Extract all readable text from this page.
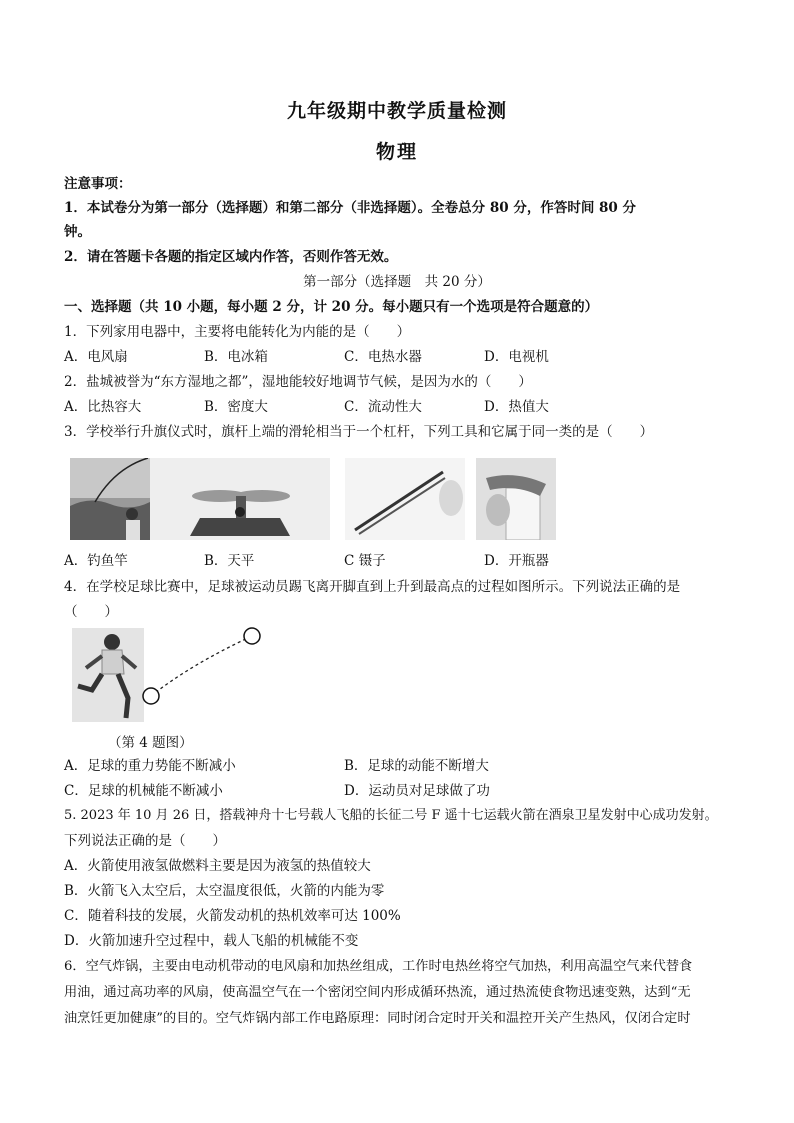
九年级期中教学质量检测
物理
注意事项：
1．本试卷分为第一部分（选择题）和第二部分（非选择题）。全卷总分 80 分，作答时间 80 分
钟。
2．请在答题卡各题的指定区域内作答，否则作答无效。
第一部分（选择题　共 20 分）
一、选择题（共 10 小题，每小题 2 分，计 20 分。每小题只有一个选项是符合题意的）
1．下列家用电器中，主要将电能转化为内能的是（　　）
A．电风扇	B．电冰箱	C．电热水器	D．电视机
2．盐城被誉为“东方湿地之都”，湿地能较好地调节气候，是因为水的（　　）
A．比热容大	B．密度大	C．流动性大	D．热值大
3．学校举行升旗仪式时，旗杆上端的滑轮相当于一个杠杆，下列工具和它属于同一类的是（　　）
A．钓鱼竿	B．天平	C 镊子	D．开瓶器
4．在学校足球比赛中，足球被运动员踢飞离开脚直到上升到最高点的过程如图所示。下列说法正确的是
（　　）
（第 4 题图）
A．足球的重力势能不断减小	B．足球的动能不断增大
C．足球的机械能不断减小	D．运动员对足球做了功
5. 2023 年 10 月 26 日，搭载神舟十七号载人飞船的长征二号 F 遥十七运载火箭在酒泉卫星发射中心成功发射。
下列说法正确的是（　　）
A．火箭使用液氢做燃料主要是因为液氢的热值较大
B．火箭飞入太空后，太空温度很低，火箭的内能为零
C．随着科技的发展，火箭发动机的热机效率可达 100%
D．火箭加速升空过程中，载人飞船的机械能不变
6．空气炸锅，主要由电动机带动的电风扇和加热丝组成，工作时电热丝将空气加热，利用高温空气来代替食
用油，通过高功率的风扇，使高温空气在一个密闭空间内形成循环热流，通过热流使食物迅速变熟，达到“无
油烹饪更加健康”的目的。空气炸锅内部工作电路原理：同时闭合定时开关和温控开关产生热风，仅闭合定时
